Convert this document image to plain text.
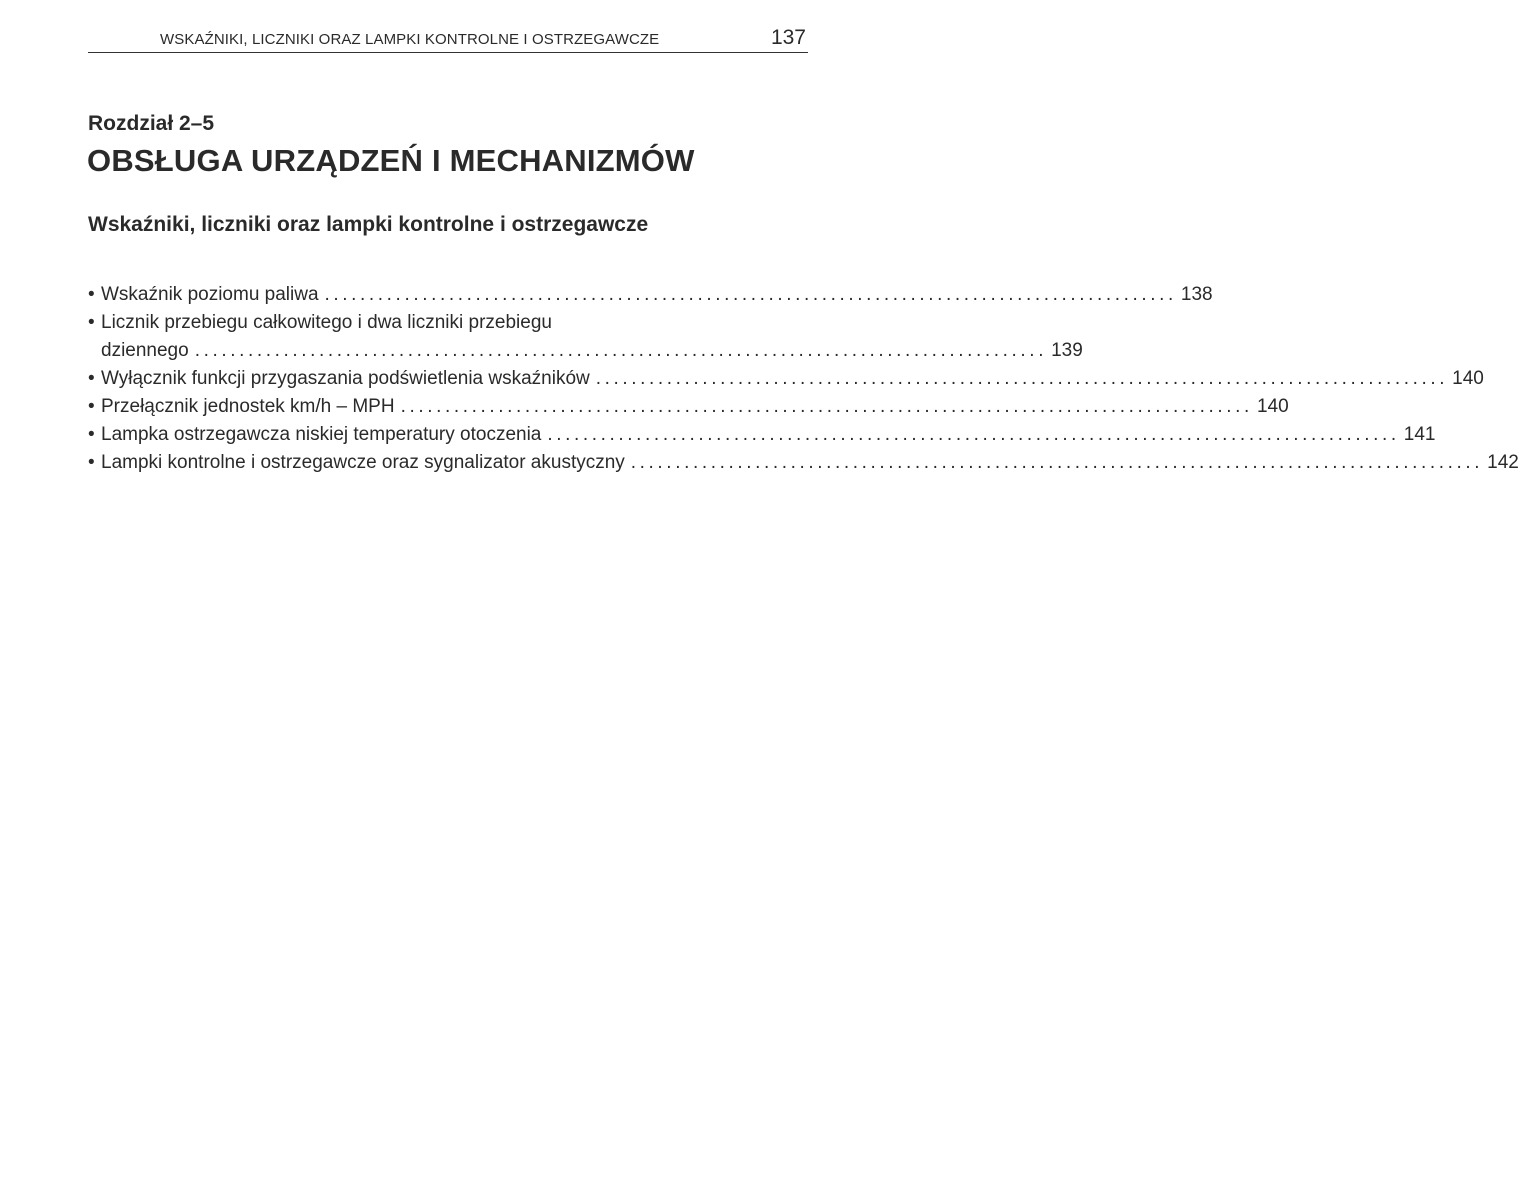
WSKAŹNIKI, LICZNIKI ORAZ LAMPKI KONTROLNE I OSTRZEGAWCZE	137
Rozdział 2–5
OBSŁUGA URZĄDZEŃ I MECHANIZMÓW
Wskaźniki, liczniki oraz lampki kontrolne i ostrzegawcze
• Wskaźnik poziomu paliwa ................................................................................................ 138
• Licznik przebiegu całkowitego i dwa liczniki przebiegu
dziennego ................................................................................................ 139
• Wyłącznik funkcji przygaszania podświetlenia wskaźników ................................................................................................ 140
• Przełącznik jednostek km/h – MPH ................................................................................................ 140
• Lampka ostrzegawcza niskiej temperatury otoczenia ................................................................................................ 141
• Lampki kontrolne i ostrzegawcze oraz sygnalizator akustyczny ................................................................................................ 142
